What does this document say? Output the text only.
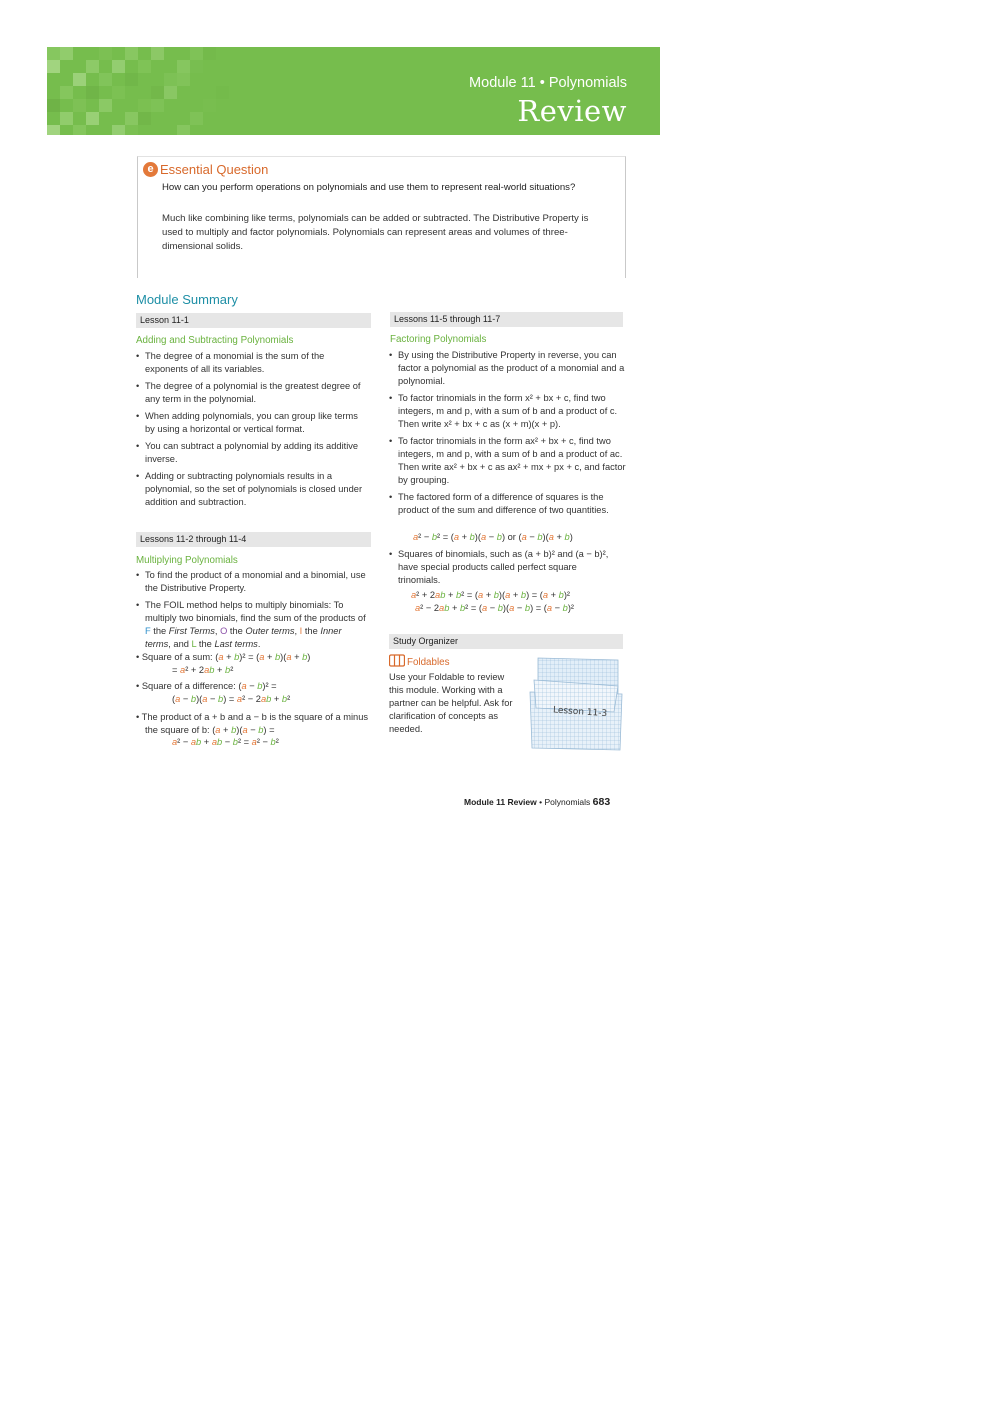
Module 11 • Polynomials
Review
e Essential Question
How can you perform operations on polynomials and use them to represent real-world situations?
Much like combining like terms, polynomials can be added or subtracted. The Distributive Property is used to multiply and factor polynomials. Polynomials can represent areas and volumes of three-dimensional solids.
Module Summary
Lesson 11-1
Adding and Subtracting Polynomials
• The degree of a monomial is the sum of the exponents of all its variables.
• The degree of a polynomial is the greatest degree of any term in the polynomial.
• When adding polynomials, you can group like terms by using a horizontal or vertical format.
• You can subtract a polynomial by adding its additive inverse.
• Adding or subtracting polynomials results in a polynomial, so the set of polynomials is closed under addition and subtraction.
Lessons 11-2 through 11-4
Multiplying Polynomials
• To find the product of a monomial and a binomial, use the Distributive Property.
• The FOIL method helps to multiply binomials: To multiply two binomials, find the sum of the products of F the First Terms, O the Outer terms, I the Inner terms, and L the Last terms.
• Square of a sum: (a + b)² = (a + b)(a + b)
= a² + 2ab + b²
• Square of a difference: (a − b)² =
(a − b)(a − b) = a² − 2ab + b²
• The product of a + b and a − b is the square of a minus the square of b: (a + b)(a − b) =
a² − ab + ab − b² = a² − b²
Lessons 11-5 through 11-7
Factoring Polynomials
• By using the Distributive Property in reverse, you can factor a polynomial as the product of a monomial and a polynomial.
• To factor trinomials in the form x² + bx + c, find two integers, m and p, with a sum of b and a product of c. Then write x² + bx + c as (x + m)(x + p).
• To factor trinomials in the form ax² + bx + c, find two integers, m and p, with a sum of b and a product of ac. Then write ax² + bx + c as ax² + mx + px + c, and factor by grouping.
• The factored form of a difference of squares is the product of the sum and difference of two quantities.
a² − b² = (a + b)(a − b) or (a − b)(a + b)
• Squares of binomials, such as (a + b)² and (a − b)², have special products called perfect square trinomials.
a² + 2ab + b² = (a + b)(a + b) = (a + b)²
a² − 2ab + b² = (a − b)(a − b) = (a − b)²
Study Organizer
Foldables
Use your Foldable to review this module. Working with a partner can be helpful. Ask for clarification of concepts as needed.
Lesson 11-3
Module 11 Review • Polynomials 683
